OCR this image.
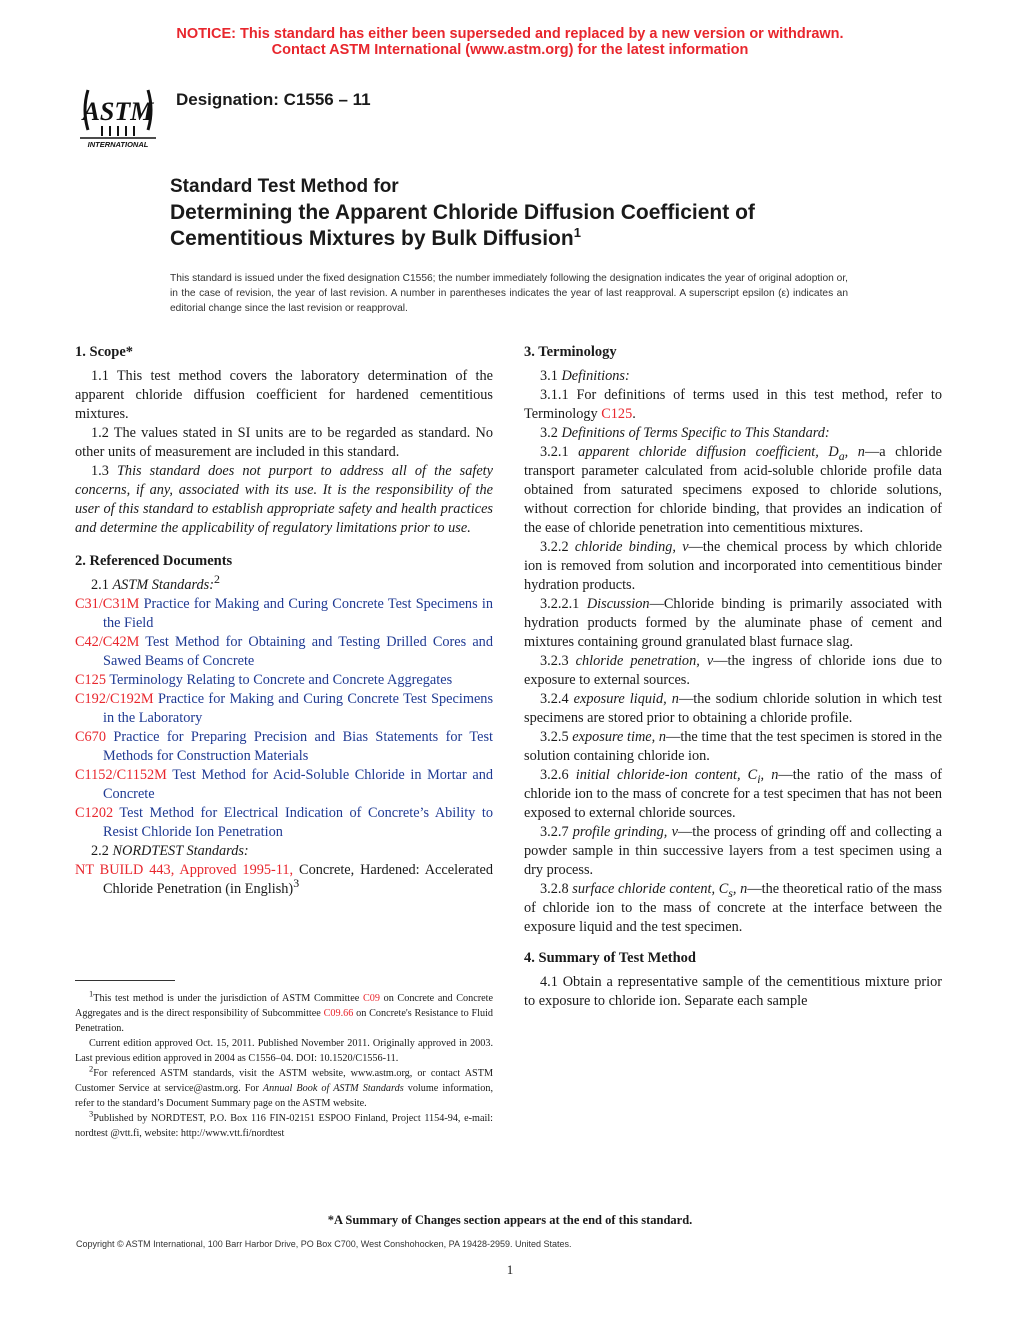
NOTICE: This standard has either been superseded and replaced by a new version or withdrawn.
Contact ASTM International (www.astm.org) for the latest information
ASTM
INTERNATIONAL
Designation: C1556 – 11
Standard Test Method for
Determining the Apparent Chloride Diffusion Coefficient of
Cementitious Mixtures by Bulk Diffusion$^1$
This standard is issued under the fixed designation C1556; the number immediately following the designation indicates the year of original adoption or, in the case of revision, the year of last revision. A number in parentheses indicates the year of last reapproval. A superscript epsilon (ε) indicates an editorial change since the last revision or reapproval.
1. Scope*
1.1 This test method covers the laboratory determination of the apparent chloride diffusion coefficient for hardened cementitious mixtures.
1.2 The values stated in SI units are to be regarded as standard. No other units of measurement are included in this standard.
1.3 This standard does not purport to address all of the safety concerns, if any, associated with its use. It is the responsibility of the user of this standard to establish appropriate safety and health practices and determine the applicability of regulatory limitations prior to use.
2. Referenced Documents
2.1 ASTM Standards:$^2$
C31/C31M Practice for Making and Curing Concrete Test Specimens in the Field
C42/C42M Test Method for Obtaining and Testing Drilled Cores and Sawed Beams of Concrete
C125 Terminology Relating to Concrete and Concrete Aggregates
C192/C192M Practice for Making and Curing Concrete Test Specimens in the Laboratory
C670 Practice for Preparing Precision and Bias Statements for Test Methods for Construction Materials
C1152/C1152M Test Method for Acid-Soluble Chloride in Mortar and Concrete
C1202 Test Method for Electrical Indication of Concrete’s Ability to Resist Chloride Ion Penetration
2.2 NORDTEST Standards:
NT BUILD 443, Approved 1995-11, Concrete, Hardened: Accelerated Chloride Penetration (in English)$^3$
$^1$This test method is under the jurisdiction of ASTM Committee C09 on Concrete and Concrete Aggregates and is the direct responsibility of Subcommittee C09.66 on Concrete's Resistance to Fluid Penetration.
Current edition approved Oct. 15, 2011. Published November 2011. Originally approved in 2003. Last previous edition approved in 2004 as C1556–04. DOI: 10.1520/C1556-11.
$^2$For referenced ASTM standards, visit the ASTM website, www.astm.org, or contact ASTM Customer Service at service@astm.org. For Annual Book of ASTM Standards volume information, refer to the standard’s Document Summary page on the ASTM website.
$^3$Published by NORDTEST, P.O. Box 116 FIN-02151 ESPOO Finland, Project 1154-94, e-mail: nordtest @vtt.fi, website: http://www.vtt.fi/nordtest
3. Terminology
3.1 Definitions:
3.1.1 For definitions of terms used in this test method, refer to Terminology C125.
3.2 Definitions of Terms Specific to This Standard:
3.2.1 apparent chloride diffusion coefficient, $D_a$, n—a chloride transport parameter calculated from acid-soluble chloride profile data obtained from saturated specimens exposed to chloride solutions, without correction for chloride binding, that provides an indication of the ease of chloride penetration into cementitious mixtures.
3.2.2 chloride binding, v—the chemical process by which chloride ion is removed from solution and incorporated into cementitious binder hydration products.
3.2.2.1 Discussion—Chloride binding is primarily associated with hydration products formed by the aluminate phase of cement and mixtures containing ground granulated blast furnace slag.
3.2.3 chloride penetration, v—the ingress of chloride ions due to exposure to external sources.
3.2.4 exposure liquid, n—the sodium chloride solution in which test specimens are stored prior to obtaining a chloride profile.
3.2.5 exposure time, n—the time that the test specimen is stored in the solution containing chloride ion.
3.2.6 initial chloride-ion content, $C_i$, n—the ratio of the mass of chloride ion to the mass of concrete for a test specimen that has not been exposed to external chloride sources.
3.2.7 profile grinding, v—the process of grinding off and collecting a powder sample in thin successive layers from a test specimen using a dry process.
3.2.8 surface chloride content, $C_s$, n—the theoretical ratio of the mass of chloride ion to the mass of concrete at the interface between the exposure liquid and the test specimen.
4. Summary of Test Method
4.1 Obtain a representative sample of the cementitious mixture prior to exposure to chloride ion. Separate each sample
*A Summary of Changes section appears at the end of this standard.
Copyright © ASTM International, 100 Barr Harbor Drive, PO Box C700, West Conshohocken, PA 19428-2959. United States.
1
